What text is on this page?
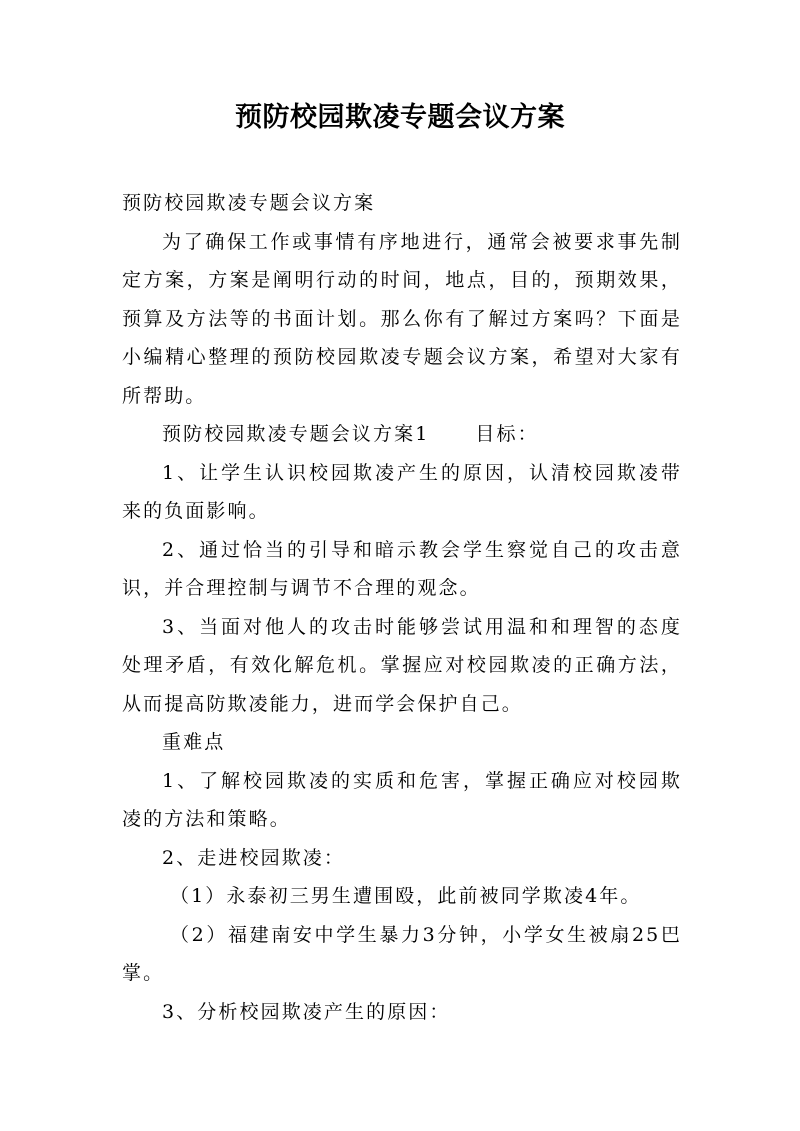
预防校园欺凌专题会议方案
预防校园欺凌专题会议方案
为了确保工作或事情有序地进行，通常会被要求事先制
定方案，方案是阐明行动的时间，地点，目的，预期效果，
预算及方法等的书面计划。那么你有了解过方案吗？下面是
小编精心整理的预防校园欺凌专题会议方案，希望对大家有
所帮助。
预防校园欺凌专题会议方案1 目标：
1、让学生认识校园欺凌产生的原因，认清校园欺凌带
来的负面影响。
2、通过恰当的引导和暗示教会学生察觉自己的攻击意
识，并合理控制与调节不合理的观念。
3、当面对他人的攻击时能够尝试用温和和理智的态度
处理矛盾，有效化解危机。掌握应对校园欺凌的正确方法，
从而提高防欺凌能力，进而学会保护自己。
重难点
1、了解校园欺凌的实质和危害，掌握正确应对校园欺
凌的方法和策略。
2、走进校园欺凌：
（1）永泰初三男生遭围殴，此前被同学欺凌4年。
（2）福建南安中学生暴力3分钟，小学女生被扇25巴
掌。
3、分析校园欺凌产生的原因：
